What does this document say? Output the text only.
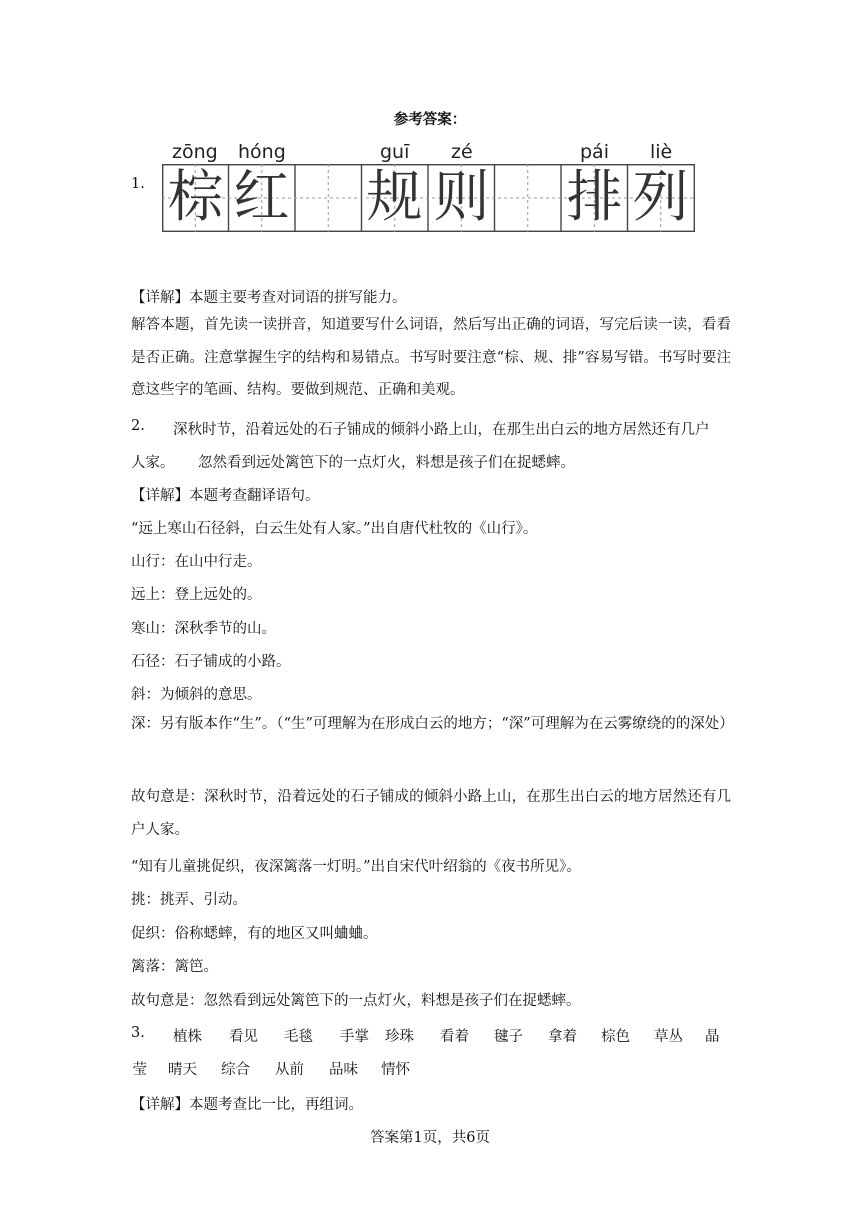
参考答案：
1.
zōng hóng	guī zé	pái liè
棕 红 规 则 排 列
【详解】本题主要考查对词语的拼写能力。
解答本题，首先读一读拼音，知道要写什么词语，然后写出正确的词语，写完后读一读，看看是否正确。注意掌握生字的结构和易错点。书写时要注意“棕、规、排”容易写错。书写时要注意这些字的笔画、结构。要做到规范、正确和美观。
2. 深秋时节，沿着远处的石子铺成的倾斜小路上山，在那生出白云的地方居然还有几户
人家。 忽然看到远处篱笆下的一点灯火，料想是孩子们在捉蟋蟀。
【详解】本题考查翻译语句。
“远上寒山石径斜，白云生处有人家。”出自唐代杜牧的《山行》。
山行：在山中行走。
远上：登上远处的。
寒山：深秋季节的山。
石径：石子铺成的小路。
斜：为倾斜的意思。
深：另有版本作“生”。（“生”可理解为在形成白云的地方；“深”可理解为在云雾缭绕的的深处）
故句意是：深秋时节，沿着远处的石子铺成的倾斜小路上山，在那生出白云的地方居然还有几户人家。
“知有儿童挑促织，夜深篱落一灯明。”出自宋代叶绍翁的《夜书所见》。
挑：挑弄、引动。
促织：俗称蟋蟀，有的地区又叫蛐蛐。
篱落：篱笆。
故句意是：忽然看到远处篱笆下的一点灯火，料想是孩子们在捉蟋蟀。
3. 植株 看见 毛毯 手掌 珍珠 看着 毽子 拿着 棕色 草丛 晶
莹 晴天 综合 从前 品味 情怀
【详解】本题考查比一比，再组词。
答案第1页，共6页
